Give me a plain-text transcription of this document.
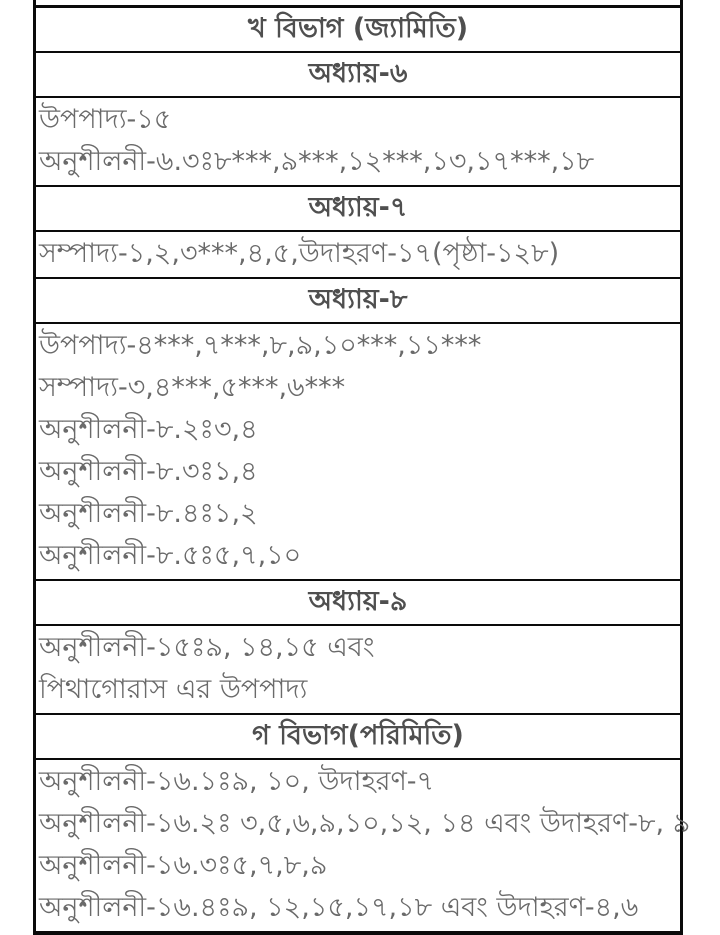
খ বিভাগ (জ্যামিতি)
অধ্যায়-৬
উপপাদ্য-১৫
অনুশীলনী-৬.৩ঃ৮***,৯***,১২***,১৩,১৭***,১৮
অধ্যায়-৭
সম্পাদ্য-১,২,৩***,৪,৫,উদাহরণ-১৭(পৃষ্ঠা-১২৮)
অধ্যায়-৮
উপপাদ্য-৪***,৭***,৮,৯,১০***,১১***
সম্পাদ্য-৩,৪***,৫***,৬***
অনুশীলনী-৮.২ঃ৩,৪
অনুশীলনী-৮.৩ঃ১,৪
অনুশীলনী-৮.৪ঃ১,২
অনুশীলনী-৮.৫ঃ৫,৭,১০
অধ্যায়-৯
অনুশীলনী-১৫ঃ৯, ১৪,১৫ এবং
পিথাগোরাস এর উপপাদ্য
গ বিভাগ(পরিমিতি)
অনুশীলনী-১৬.১ঃ৯, ১০, উদাহরণ-৭
অনুশীলনী-১৬.২ঃ ৩,৫,৬,৯,১০,১২, ১৪ এবং উদাহরণ-৮, ৯
অনুশীলনী-১৬.৩ঃ৫,৭,৮,৯
অনুশীলনী-১৬.৪ঃ৯, ১২,১৫,১৭,১৮ এবং উদাহরণ-৪,৬
